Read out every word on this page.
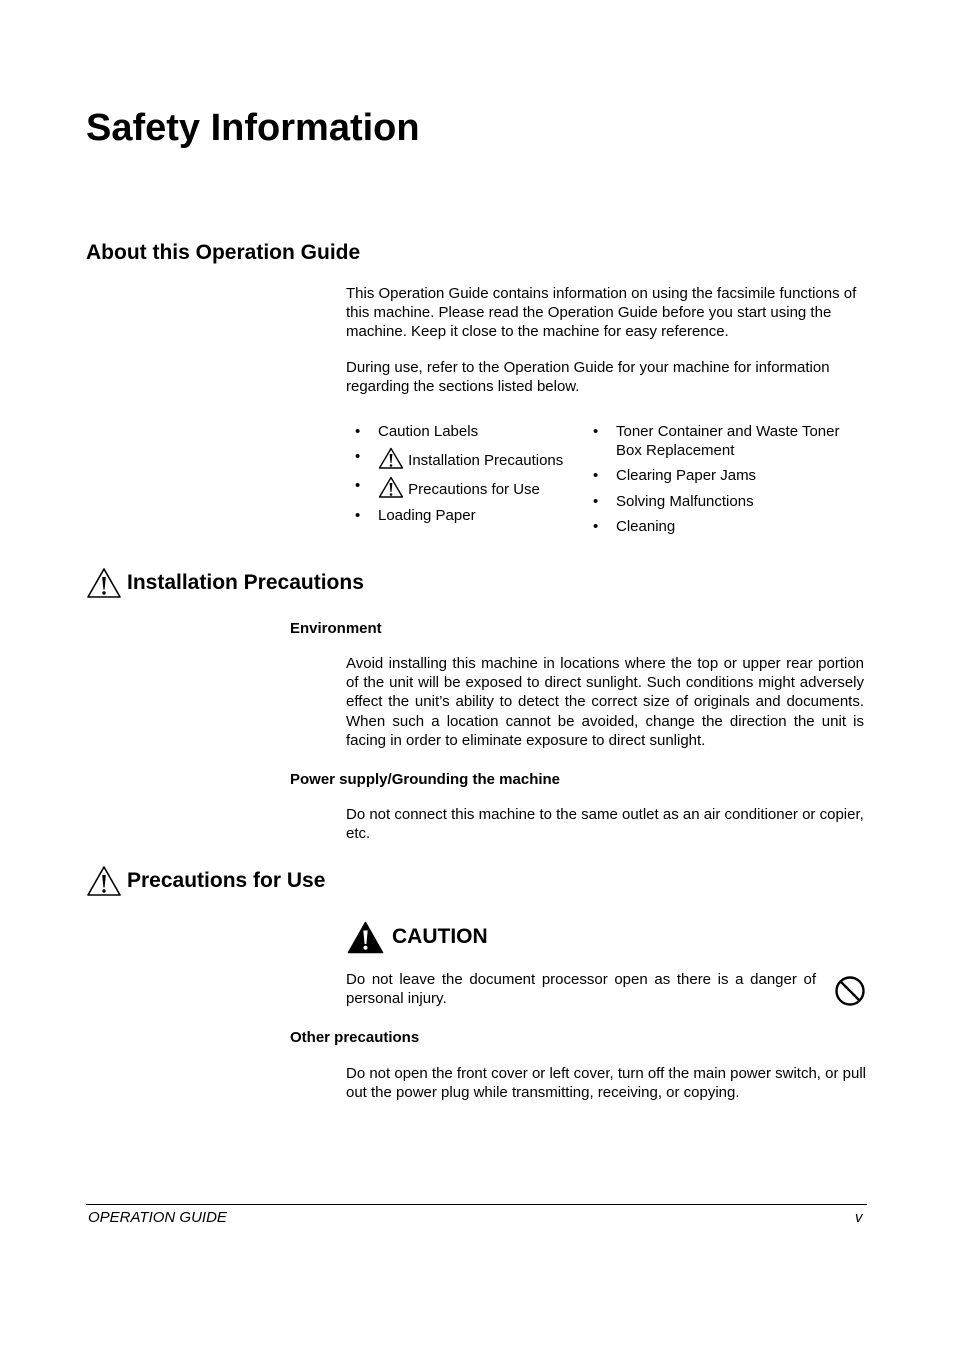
Safety Information
About this Operation Guide

This Operation Guide contains information on using the facsimile functions of this machine. Please read the Operation Guide before you start using the machine. Keep it close to the machine for easy reference.

During use, refer to the Operation Guide for your machine for information regarding the sections listed below.

• Caution Labels
• Installation Precautions
• Precautions for Use
• Loading Paper
• Toner Container and Waste Toner Box Replacement
• Clearing Paper Jams
• Solving Malfunctions
• Cleaning
Installation Precautions
Environment

Avoid installing this machine in locations where the top or upper rear portion of the unit will be exposed to direct sunlight. Such conditions might adversely effect the unit’s ability to detect the correct size of originals and documents. When such a location cannot be avoided, change the direction the unit is facing in order to eliminate exposure to direct sunlight.

Power supply/Grounding the machine

Do not connect this machine to the same outlet as an air conditioner or copier, etc.

Precautions for Use
CAUTION

Do not leave the document processor open as there is a danger of personal injury.

Other precautions

Do not open the front cover or left cover, turn off the main power switch, or pull out the power plug while transmitting, receiving, or copying.

OPERATION GUIDE	v
